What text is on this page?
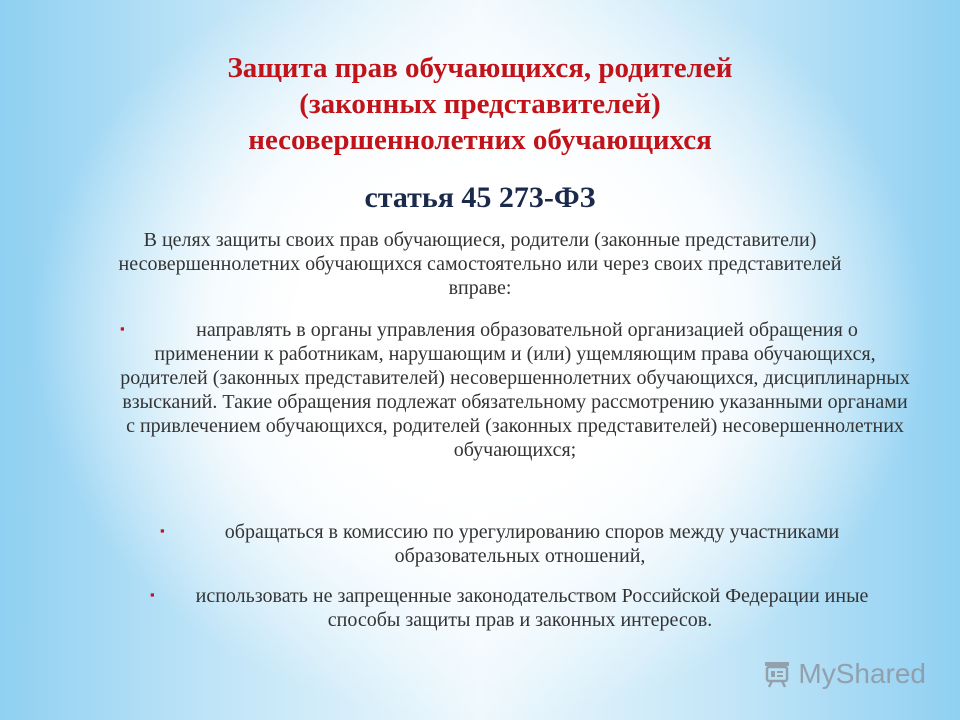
Защита прав обучающихся, родителей
(законных представителей)
несовершеннолетних обучающихся
статья 45 273-ФЗ

В целях защиты своих прав обучающиеся, родители (законные представители) несовершеннолетних обучающихся самостоятельно или через своих представителей вправе:

▪	направлять в органы управления образовательной организацией обращения о применении к работникам, нарушающим и (или) ущемляющим права обучающихся, родителей (законных представителей) несовершеннолетних обучающихся, дисциплинарных взысканий. Такие обращения подлежат обязательному рассмотрению указанными органами с привлечением обучающихся, родителей (законных представителей) несовершеннолетних обучающихся;

▪	обращаться в комиссию по урегулированию споров между участниками образовательных отношений,

▪ использовать не запрещенные законодательством Российской Федерации иные способы защиты прав и законных интересов.

MyShared
